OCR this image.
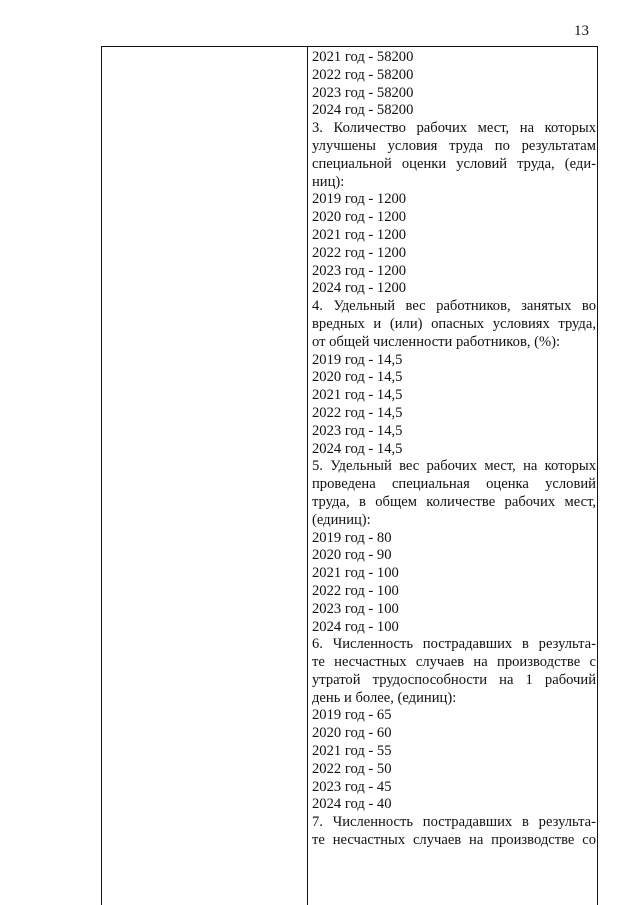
13
2021 год - 58200
2022 год - 58200
2023 год - 58200
2024 год - 58200
3. Количество рабочих мест, на которых
улучшены условия труда по результатам
специальной оценки условий труда, (еди-
ниц):
2019 год - 1200
2020 год - 1200
2021 год - 1200
2022 год - 1200
2023 год - 1200
2024 год - 1200
4. Удельный вес работников, занятых во
вредных и (или) опасных условиях труда,
от общей численности работников, (%):
2019 год - 14,5
2020 год - 14,5
2021 год - 14,5
2022 год - 14,5
2023 год - 14,5
2024 год - 14,5
5. Удельный вес рабочих мест, на которых
проведена специальная оценка условий
труда, в общем количестве рабочих мест,
(единиц):
2019 год - 80
2020 год - 90
2021 год - 100
2022 год - 100
2023 год - 100
2024 год - 100
6. Численность пострадавших в результа-
те несчастных случаев на производстве с
утратой трудоспособности на 1 рабочий
день и более, (единиц):
2019 год - 65
2020 год - 60
2021 год - 55
2022 год - 50
2023 год - 45
2024 год - 40
7. Численность пострадавших в результа-
те несчастных случаев на производстве со
